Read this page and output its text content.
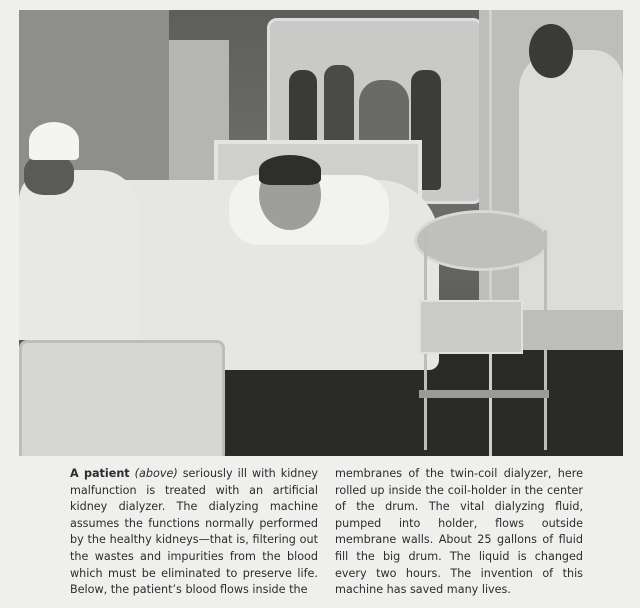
A patient (above) seriously ill with kidney malfunction is treated with an artificial kidney dialyzer. The dialyzing machine assumes the functions normally performed by the healthy kidneys—that is, filtering out the wastes and impurities from the blood which must be eliminated to preserve life. Below, the patient’s blood flows inside the

membranes of the twin-coil dialyzer, here rolled up inside the coil-holder in the center of the drum. The vital dialyzing fluid, pumped into holder, flows outside membrane walls. About 25 gallons of fluid fill the big drum. The liquid is changed every two hours. The invention of this machine has saved many lives.
